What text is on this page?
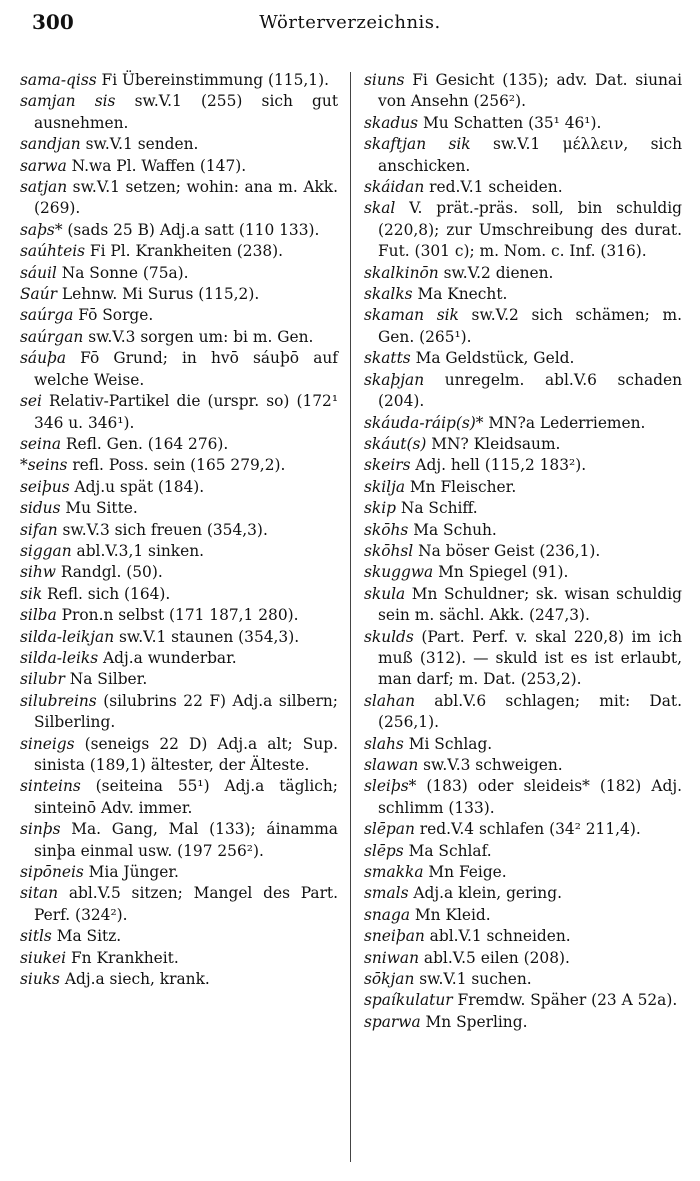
300	Wörterverzeichnis.

sama-qiss Fi Übereinstimmung (115,1).

samjan sis sw.V.1 (255) sich gut ausnehmen.

sandjan sw.V.1 senden.

sarwa N.wa Pl. Waffen (147).

satjan sw.V.1 setzen; wohin: ana m. Akk. (269).

saþs* (sads 25 B) Adj.a satt (110 133).

saúhteis Fi Pl. Krankheiten (238).

sáuil Na Sonne (75a).

Saúr Lehnw. Mi Surus (115,2).

saúrga Fō Sorge.

saúrgan sw.V.3 sorgen um: bi m. Gen.

sáuþa Fō Grund; in hvō sáuþō auf welche Weise.

sei Relativ-Partikel die (urspr. so) (172¹ 346 u. 346¹).

seina Refl. Gen. (164 276).

*seins refl. Poss. sein (165 279,2).

seiþus Adj.u spät (184).

sidus Mu Sitte.

sifan sw.V.3 sich freuen (354,3).

siggan abl.V.3,1 sinken.

sihw Randgl. (50).

sik Refl. sich (164).

silba Pron.n selbst (171 187,1 280).

silda-leikjan sw.V.1 staunen (354,3).

silda-leiks Adj.a wunderbar.

silubr Na Silber.

silubreins (silubrins 22 F) Adj.a silbern; Silberling.

sineigs (seneigs 22 D) Adj.a alt; Sup. sinista (189,1) ältester, der Älteste.

sinteins (seiteina 55¹) Adj.a täglich; sinteinō Adv. immer.

sinþs Ma. Gang, Mal (133); áinamma sinþa einmal usw. (197 256²).

sipōneis Mia Jünger.

sitan abl.V.5 sitzen; Mangel des Part. Perf. (324²).

sitls Ma Sitz.

siukei Fn Krankheit.

siuks Adj.a siech, krank.

siuns Fi Gesicht (135); adv. Dat. siunai von Ansehn (256²).

skadus Mu Schatten (35¹ 46¹).

skaftjan sik sw.V.1 μέλλειν, sich anschicken.

skáidan red.V.1 scheiden.

skal V. prät.-präs. soll, bin schuldig (220,8); zur Umschreibung des durat. Fut. (301 c); m. Nom. c. Inf. (316).

skalkinōn sw.V.2 dienen.

skalks Ma Knecht.

skaman sik sw.V.2 sich schämen; m. Gen. (265¹).

skatts Ma Geldstück, Geld.

skaþjan unregelm. abl.V.6 schaden (204).

skáuda-ráip(s)* MN?a Lederriemen.

skáut(s) MN? Kleidsaum.

skeirs Adj. hell (115,2 183²).

skilja Mn Fleischer.

skip Na Schiff.

skōhs Ma Schuh.

skōhsl Na böser Geist (236,1).

skuggwa Mn Spiegel (91).

skula Mn Schuldner; sk. wisan schuldig sein m. sächl. Akk. (247,3).

skulds (Part. Perf. v. skal 220,8) im ich muß (312). — skuld ist es ist erlaubt, man darf; m. Dat. (253,2).

slahan abl.V.6 schlagen; mit: Dat. (256,1).

slahs Mi Schlag.

slawan sw.V.3 schweigen.

sleiþs* (183) oder sleideis* (182) Adj. schlimm (133).

slēpan red.V.4 schlafen (34² 211,4).

slēps Ma Schlaf.

smakka Mn Feige.

smals Adj.a klein, gering.

snaga Mn Kleid.

sneiþan abl.V.1 schneiden.

sniwan abl.V.5 eilen (208).

sōkjan sw.V.1 suchen.

spaíkulatur Fremdw. Späher (23 A 52a).

sparwa Mn Sperling.
